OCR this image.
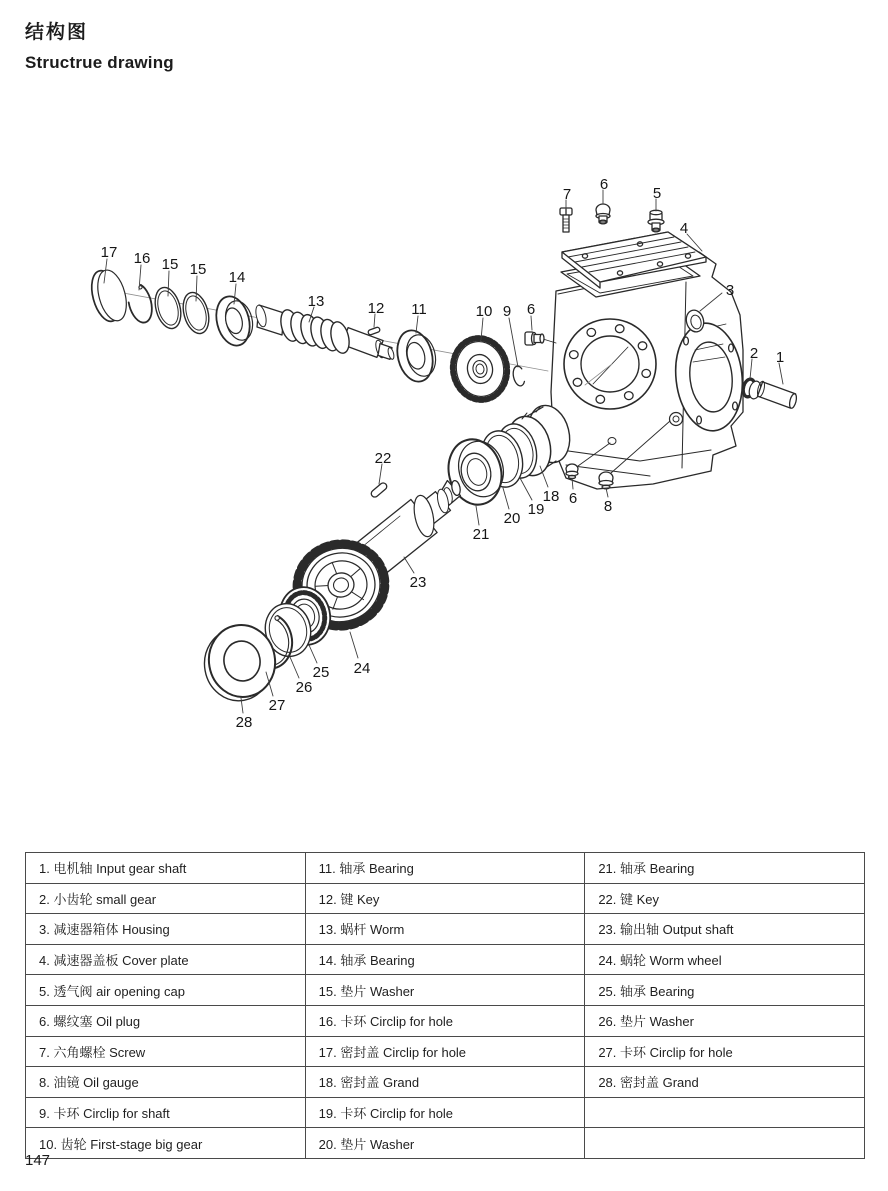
结构图
Structrue drawing
17 16 15 15 14
13	12 11	10 9 6
7
6
5
4
3
2 1
22
18
19
20
21
6 8
23
24
25
26
27
28
1. 电机轴 Input gear shaft	11. 轴承 Bearing	21. 轴承 Bearing
2. 小齿轮 small gear	12. 键 Key	22. 键 Key
3. 减速器箱体 Housing	13. 蜗杆 Worm	23. 输出轴 Output shaft
4. 减速器盖板 Cover plate	14. 轴承 Bearing	24. 蜗轮 Worm wheel
5. 透气阀 air opening cap	15. 垫片 Washer	25. 轴承 Bearing
6. 螺纹塞 Oil plug	16. 卡环 Circlip for hole	26. 垫片 Washer
7. 六角螺栓 Screw	17. 密封盖 Circlip for hole	27. 卡环 Circlip for hole
8. 油镜 Oil gauge	18. 密封盖 Grand	28. 密封盖 Grand
9. 卡环 Circlip for shaft	19. 卡环 Circlip for hole	
10. 齿轮 First-stage big gear	20. 垫片 Washer	
147
